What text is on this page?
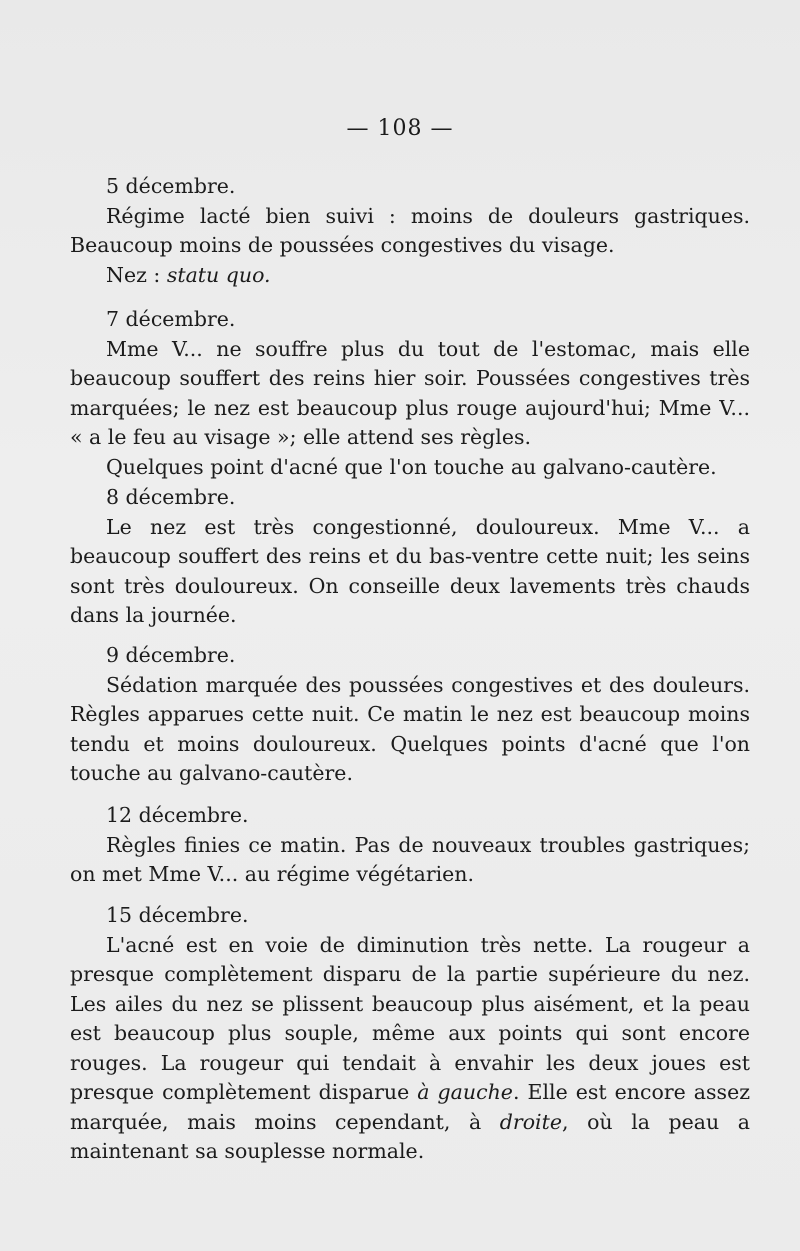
— 108 —
5 décembre.

Régime lacté bien suivi : moins de douleurs gastriques. Beaucoup moins de poussées congestives du visage.

Nez : statu quo.

7 décembre.

Mme V... ne souffre plus du tout de l'estomac, mais elle beaucoup souffert des reins hier soir. Poussées congestives très marquées; le nez est beaucoup plus rouge aujourd'hui; Mme V... « a le feu au visage »; elle attend ses règles.

Quelques point d'acné que l'on touche au galvano-cautère.

8 décembre.

Le nez est très congestionné, douloureux. Mme V... a beaucoup souffert des reins et du bas-ventre cette nuit; les seins sont très douloureux. On conseille deux lavements très chauds dans la journée.

9 décembre.

Sédation marquée des poussées congestives et des douleurs. Règles apparues cette nuit. Ce matin le nez est beaucoup moins tendu et moins douloureux. Quelques points d'acné que l'on touche au galvano-cautère.

12 décembre.

Règles finies ce matin. Pas de nouveaux troubles gastriques; on met Mme V... au régime végétarien.

15 décembre.

L'acné est en voie de diminution très nette. La rougeur a presque complètement disparu de la partie supérieure du nez. Les ailes du nez se plissent beaucoup plus aisément, et la peau est beaucoup plus souple, même aux points qui sont encore rouges. La rougeur qui tendait à envahir les deux joues est presque complètement disparue à gauche. Elle est encore assez marquée, mais moins cependant, à droite, où la peau a maintenant sa souplesse normale.
